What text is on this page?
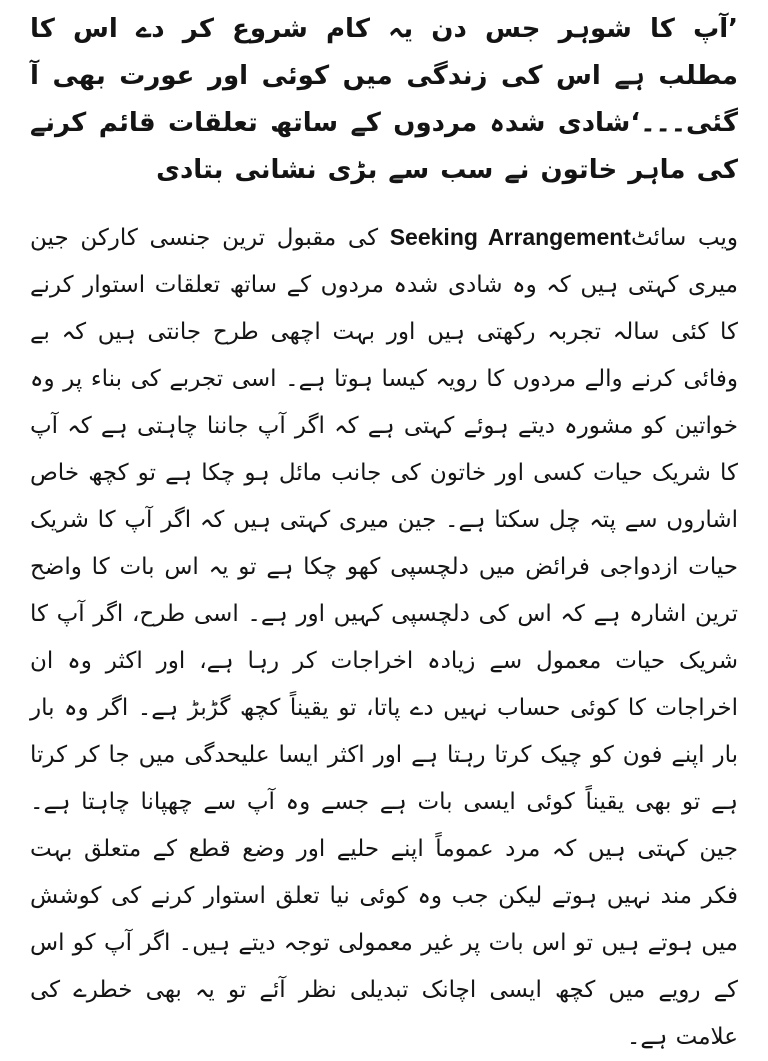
’آپ کا شوہر جس دن یہ کام شروع کر دے اس کا مطلب ہے اس کی زندگی میں کوئی اور عورت بھی آ گئی۔۔۔‘شادی شدہ مردوں کے ساتھ تعلقات قائم کرنے کی ماہر خاتون نے سب سے بڑی نشانی بتادی

ویب سائٹSeeking Arrangement کی مقبول ترین جنسی کارکن جین میری کہتی ہیں کہ وہ شادی شدہ مردوں کے ساتھ تعلقات استوار کرنے کا کئی سالہ تجربہ رکھتی ہیں اور بہت اچھی طرح جانتی ہیں کہ بے وفائی کرنے والے مردوں کا رویہ کیسا ہوتا ہے۔ اسی تجربے کی بناء پر وہ خواتین کو مشورہ دیتے ہوئے کہتی ہے کہ اگر آپ جاننا چاہتی ہے کہ آپ کا شریک حیات کسی اور خاتون کی جانب مائل ہو چکا ہے تو کچھ خاص اشاروں سے پتہ چل سکتا ہے۔ جین میری کہتی ہیں کہ اگر آپ کا شریک حیات ازدواجی فرائض میں دلچسپی کھو چکا ہے تو یہ اس بات کا واضح ترین اشارہ ہے کہ اس کی دلچسپی کہیں اور ہے۔ اسی طرح، اگر آپ کا شریک حیات معمول سے زیادہ اخراجات کر رہا ہے، اور اکثر وہ ان اخراجات کا کوئی حساب نہیں دے پاتا، تو یقیناً کچھ گڑبڑ ہے۔ اگر وہ بار بار اپنے فون کو چیک کرتا رہتا ہے اور اکثر ایسا علیحدگی میں جا کر کرتا ہے تو بھی یقیناً کوئی ایسی بات ہے جسے وہ آپ سے چھپانا چاہتا ہے۔ جین کہتی ہیں کہ مرد عموماً اپنے حلیے اور وضع قطع کے متعلق بہت فکر مند نہیں ہوتے لیکن جب وہ کوئی نیا تعلق استوار کرنے کی کوشش میں ہوتے ہیں تو اس بات پر غیر معمولی توجہ دیتے ہیں۔ اگر آپ کو اس کے رویے میں کچھ ایسی اچانک تبدیلی نظر آئے تو یہ بھی خطرے کی علامت ہے۔
